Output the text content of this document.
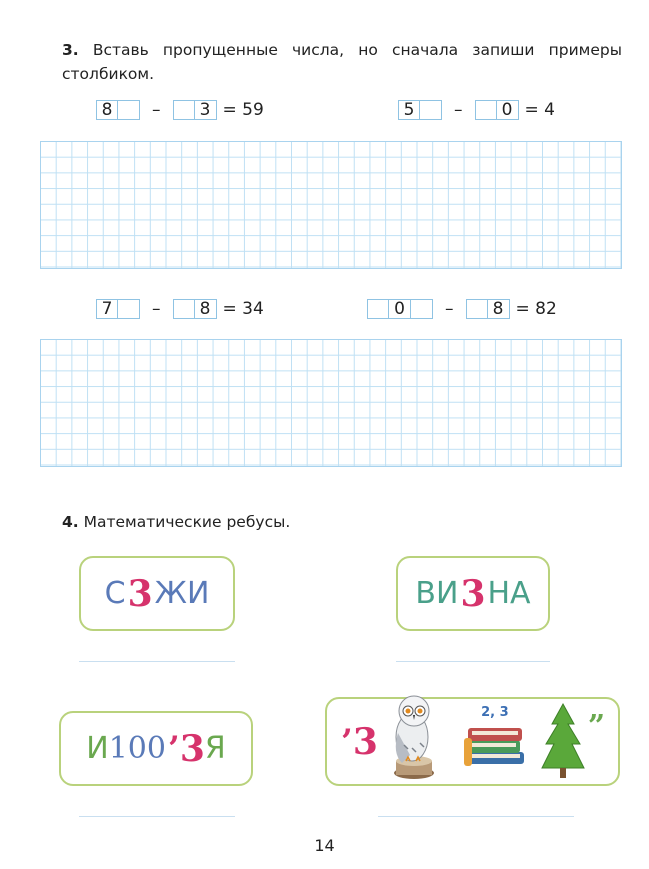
3. Вставь пропущенные числа, но сначала запиши примеры столбиком.
8	– 3 = 59	5	– 0 = 4
7	– 8 = 34	0	– 8 = 82
4. Математические ребусы.
С 3 ЖИ	ВИ 3 НА
И 100 ’ 3 Я	’ 3
2, 3	”
14
